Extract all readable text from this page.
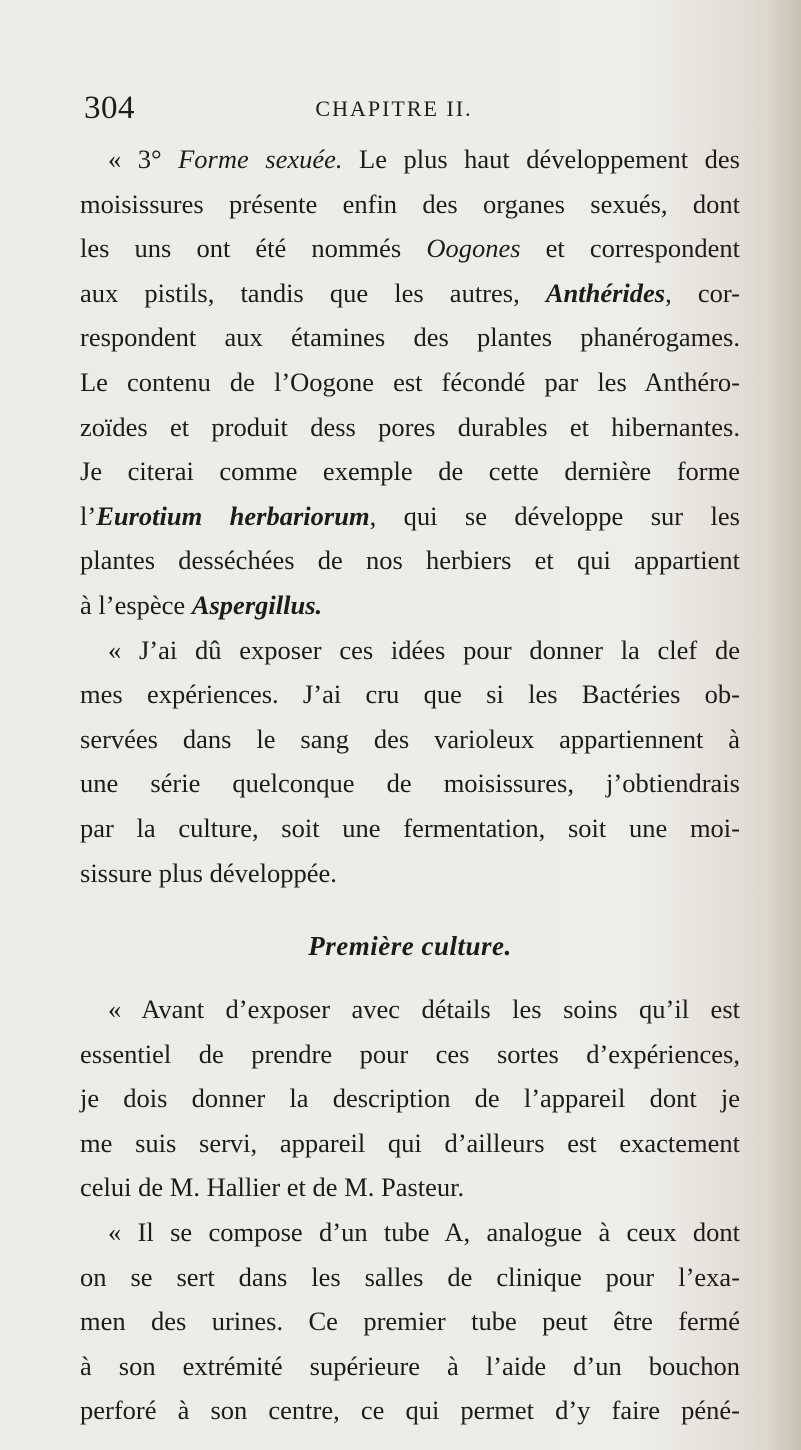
304	CHAPITRE II.
« 3° Forme sexuée. Le plus haut développement des
moisissures présente enfin des organes sexués, dont
les uns ont été nommés Oogones et correspondent
aux pistils, tandis que les autres, Anthérides, cor-
respondent aux étamines des plantes phanérogames.
Le contenu de l’Oogone est fécondé par les Anthéro-
zoïdes et produit dess pores durables et hibernantes.
Je citerai comme exemple de cette dernière forme
l’Eurotium herbariorum, qui se développe sur les
plantes desséchées de nos herbiers et qui appartient
à l’espèce Aspergillus.
« J’ai dû exposer ces idées pour donner la clef de
mes expériences. J’ai cru que si les Bactéries ob-
servées dans le sang des varioleux appartiennent à
une série quelconque de moisissures, j’obtiendrais
par la culture, soit une fermentation, soit une moi-
sissure plus développée.
Première culture.
« Avant d’exposer avec détails les soins qu’il est
essentiel de prendre pour ces sortes d’expériences,
je dois donner la description de l’appareil dont je
me suis servi, appareil qui d’ailleurs est exactement
celui de M. Hallier et de M. Pasteur.
« Il se compose d’un tube A, analogue à ceux dont
on se sert dans les salles de clinique pour l’exa-
men des urines. Ce premier tube peut être fermé
à son extrémité supérieure à l’aide d’un bouchon
perforé à son centre, ce qui permet d’y faire péné-
